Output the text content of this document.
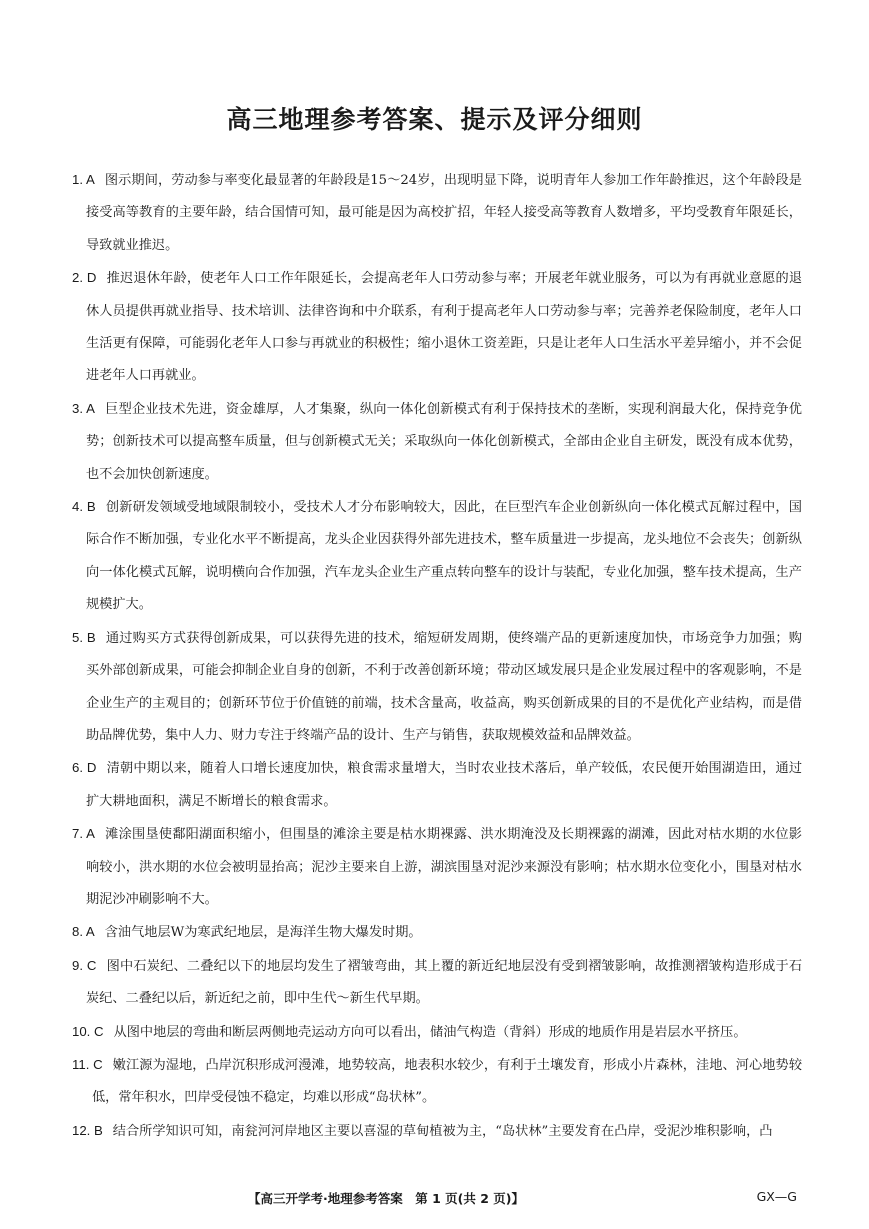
高三地理参考答案、提示及评分细则
1. A 图示期间，劳动参与率变化最显著的年龄段是15～24岁，出现明显下降，说明青年人参加工作年龄推迟，这个年龄段是接受高等教育的主要年龄，结合国情可知，最可能是因为高校扩招，年轻人接受高等教育人数增多，平均受教育年限延长，导致就业推迟。
2. D 推迟退休年龄，使老年人口工作年限延长，会提高老年人口劳动参与率；开展老年就业服务，可以为有再就业意愿的退休人员提供再就业指导、技术培训、法律咨询和中介联系，有利于提高老年人口劳动参与率；完善养老保险制度，老年人口生活更有保障，可能弱化老年人口参与再就业的积极性；缩小退休工资差距，只是让老年人口生活水平差异缩小，并不会促进老年人口再就业。
3. A 巨型企业技术先进，资金雄厚，人才集聚，纵向一体化创新模式有利于保持技术的垄断，实现利润最大化，保持竞争优势；创新技术可以提高整车质量，但与创新模式无关；采取纵向一体化创新模式，全部由企业自主研发，既没有成本优势，也不会加快创新速度。
4. B 创新研发领域受地域限制较小，受技术人才分布影响较大，因此，在巨型汽车企业创新纵向一体化模式瓦解过程中，国际合作不断加强，专业化水平不断提高，龙头企业因获得外部先进技术，整车质量进一步提高，龙头地位不会丧失；创新纵向一体化模式瓦解，说明横向合作加强，汽车龙头企业生产重点转向整车的设计与装配，专业化加强，整车技术提高，生产规模扩大。
5. B 通过购买方式获得创新成果，可以获得先进的技术，缩短研发周期，使终端产品的更新速度加快，市场竞争力加强；购买外部创新成果，可能会抑制企业自身的创新，不利于改善创新环境；带动区域发展只是企业发展过程中的客观影响，不是企业生产的主观目的；创新环节位于价值链的前端，技术含量高，收益高，购买创新成果的目的不是优化产业结构，而是借助品牌优势，集中人力、财力专注于终端产品的设计、生产与销售，获取规模效益和品牌效益。
6. D 清朝中期以来，随着人口增长速度加快，粮食需求量增大，当时农业技术落后，单产较低，农民便开始围湖造田，通过扩大耕地面积，满足不断增长的粮食需求。
7. A 滩涂围垦使鄱阳湖面积缩小，但围垦的滩涂主要是枯水期裸露、洪水期淹没及长期裸露的湖滩，因此对枯水期的水位影响较小，洪水期的水位会被明显抬高；泥沙主要来自上游，湖滨围垦对泥沙来源没有影响；枯水期水位变化小，围垦对枯水期泥沙冲刷影响不大。
8. A 含油气地层W为寒武纪地层，是海洋生物大爆发时期。
9. C 图中石炭纪、二叠纪以下的地层均发生了褶皱弯曲，其上覆的新近纪地层没有受到褶皱影响，故推测褶皱构造形成于石炭纪、二叠纪以后，新近纪之前，即中生代～新生代早期。
10. C 从图中地层的弯曲和断层两侧地壳运动方向可以看出，储油气构造（背斜）形成的地质作用是岩层水平挤压。
11. C 嫩江源为湿地，凸岸沉积形成河漫滩，地势较高，地表积水较少，有利于土壤发育，形成小片森林，洼地、河心地势较低，常年积水，凹岸受侵蚀不稳定，均难以形成“岛状林”。
12. B 结合所学知识可知，南瓮河河岸地区主要以喜湿的草甸植被为主，“岛状林”主要发育在凸岸，受泥沙堆积影响，凸
【高三开学考·地理参考答案　第 1 页(共 2 页)】	GX—G
